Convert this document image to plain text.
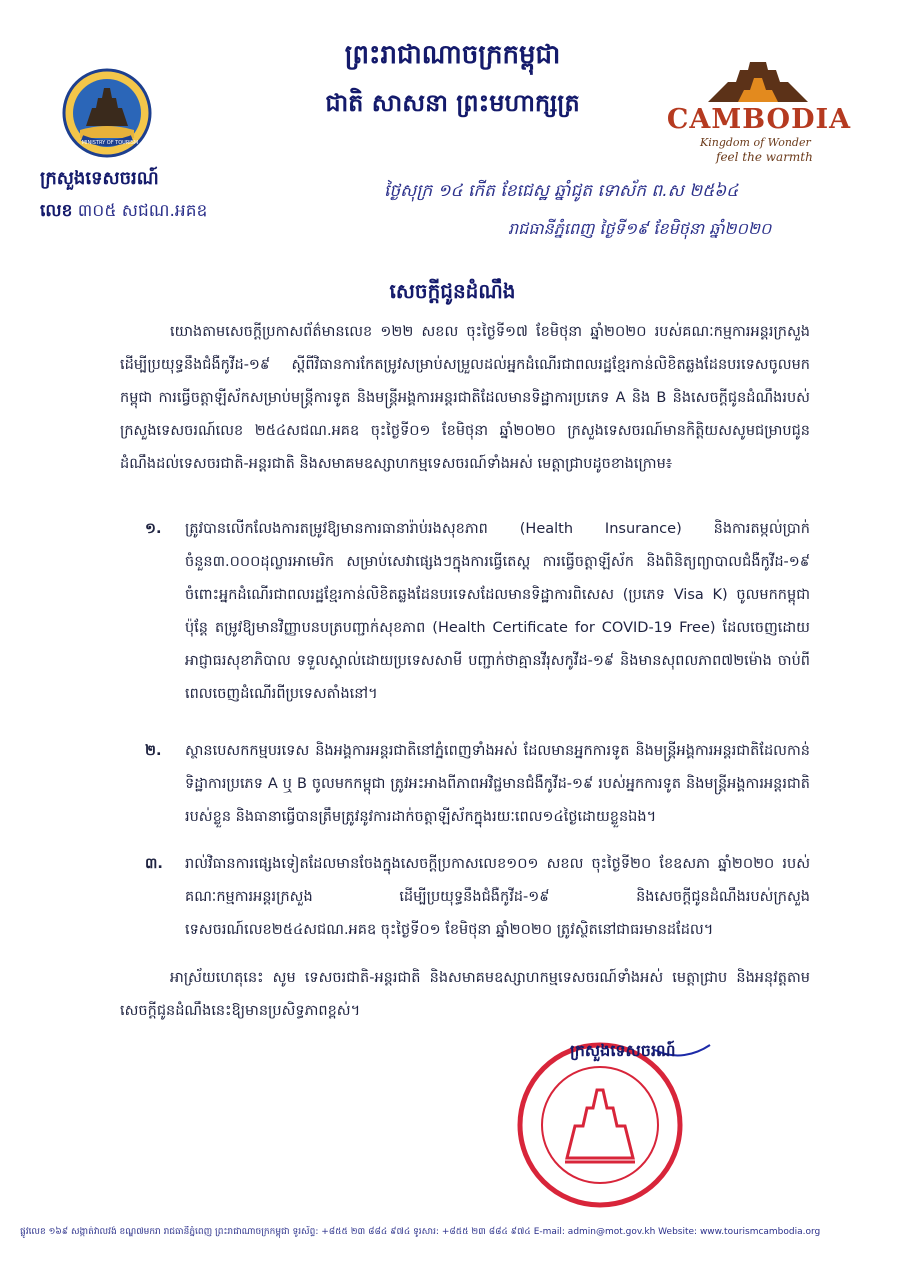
ព្រះរាជាណាចក្រកម្ពុជា
ជាតិ សាសនា ព្រះមហាក្សត្រ
MINISTRY OF TOURISM
ក្រសួងទេសចរណ៍
លេខ ៣០៥ សជណ.អគឧ
CAMBODIA
Kingdom of Wonder
feel the warmth
ថ្ងៃសុក្រ ១៤ កើត ខែជេស្ឋ ឆ្នាំជូត ទោស័ក ព.ស ២៥៦៤
រាជធានីភ្នំពេញ ថ្ងៃទី១៩ ខែមិថុនា ឆ្នាំ២០២០
សេចក្តីជូនដំណឹង
យោងតាមសេចក្តីប្រកាសព័ត៌មានលេខ ១២២ សខល ចុះថ្ងៃទី១៧ ខែមិថុនា ឆ្នាំ២០២០ របស់គណៈកម្មការអន្តរក្រសួង ដើម្បីប្រយុទ្ធនឹងជំងឺកូវីដ-១៩ ស្តីពីវិធានការកែតម្រូវសម្រាប់សម្រួលដល់អ្នកដំណើរជាពលរដ្ឋខ្មែរកាន់លិខិតឆ្លងដែនបរទេសចូលមកកម្ពុជា ការធ្វើចត្តាឡីស័កសម្រាប់មន្ត្រីការទូត និងមន្ត្រីអង្គការអន្តរជាតិដែលមានទិដ្ឋាការប្រភេទ A និង B និងសេចក្តីជូនដំណឹងរបស់ក្រសួងទេសចរណ៍លេខ ២៥៤សជណ.អគឧ ចុះថ្ងៃទី០១ ខែមិថុនា ឆ្នាំ២០២០ ក្រសួងទេសចរណ៍មានកិត្តិយសសូមជម្រាបជូនដំណឹងដល់ទេសចរជាតិ-អន្តរជាតិ និងសមាគមឧស្សាហកម្មទេសចរណ៍ទាំងអស់ មេត្តាជ្រាបដូចខាងក្រោម៖
១. ត្រូវបានលើកលែងការតម្រូវឱ្យមានការធានារ៉ាប់រងសុខភាព (Health Insurance) និងការតម្កល់ប្រាក់ចំនួន៣.០០០ដុល្លារអាមេរិក សម្រាប់សេវាផ្សេងៗក្នុងការធ្វើតេស្ត ការធ្វើចត្តាឡីស័ក និងពិនិត្យព្យាបាលជំងឺកូវីដ-១៩ ចំពោះអ្នកដំណើរជាពលរដ្ឋខ្មែរកាន់លិខិតឆ្លងដែនបរទេសដែលមានទិដ្ឋាការពិសេស (ប្រភេទ Visa K) ចូលមកកម្ពុជា ប៉ុន្តែ តម្រូវឱ្យមានវិញ្ញាបនបត្របញ្ជាក់សុខភាព (Health Certificate for COVID-19 Free) ដែលចេញដោយអាជ្ញាធរសុខាភិបាល ទទួលស្គាល់ដោយប្រទេសសាមី បញ្ជាក់ថាគ្មានវីរុសកូវីដ-១៩ និងមានសុពលភាព៧២ម៉ោង ចាប់ពីពេលចេញដំណើរពីប្រទេសតាំងនៅ។
២. ស្ថានបេសកកម្មបរទេស និងអង្គការអន្តរជាតិនៅភ្នំពេញទាំងអស់ ដែលមានអ្នកការទូត និងមន្ត្រីអង្គការអន្តរជាតិដែលកាន់ទិដ្ឋាការប្រភេទ A ឬ B ចូលមកកម្ពុជា ត្រូវអះអាងពីភាពអវិជ្ជមានជំងឺកូវីដ-១៩ របស់អ្នកការទូត និងមន្ត្រីអង្គការអន្តរជាតិរបស់ខ្លួន និងធានាធ្វើបានត្រឹមត្រូវនូវការដាក់ចត្តាឡីស័កក្នុងរយៈពេល១៤ថ្ងៃដោយខ្លួនឯង។
៣. រាល់វិធានការផ្សេងទៀតដែលមានចែងក្នុងសេចក្តីប្រកាសលេខ១០១ សខល ចុះថ្ងៃទី២០ ខែឧសភា ឆ្នាំ២០២០ របស់គណៈកម្មការអន្តរក្រសួង ដើម្បីប្រយុទ្ធនឹងជំងឺកូវីដ-១៩ និងសេចក្តីជូនដំណឹងរបស់ក្រសួងទេសចរណ៍លេខ២៥៤សជណ.អគឧ ចុះថ្ងៃទី០១ ខែមិថុនា ឆ្នាំ២០២០ ត្រូវស្ថិតនៅជាធរមានដដែល។
អាស្រ័យហេតុនេះ សូម ទេសចរជាតិ-អន្តរជាតិ និងសមាគមឧស្សាហកម្មទេសចរណ៍ទាំងអស់ មេត្តាជ្រាប និងអនុវត្តតាមសេចក្តីជូនដំណឹងនេះឱ្យមានប្រសិទ្ធភាពខ្ពស់។
ក្រសួងទេសចរណ៍
ផ្លូវលេខ ១៦៩ សង្កាត់វាលវង់ ខណ្ឌ៧មករា រាជធានីភ្នំពេញ ព្រះរាជាណាចក្រកម្ពុជា ទូរស័ព្ទ: +៨៥៥ ២៣ ៨៨៤ ៩៧៤ ទូរសារ: +៨៥៥ ២៣ ៨៨៤ ៩៧៤ E-mail: admin@mot.gov.kh Website: www.tourismcambodia.org
